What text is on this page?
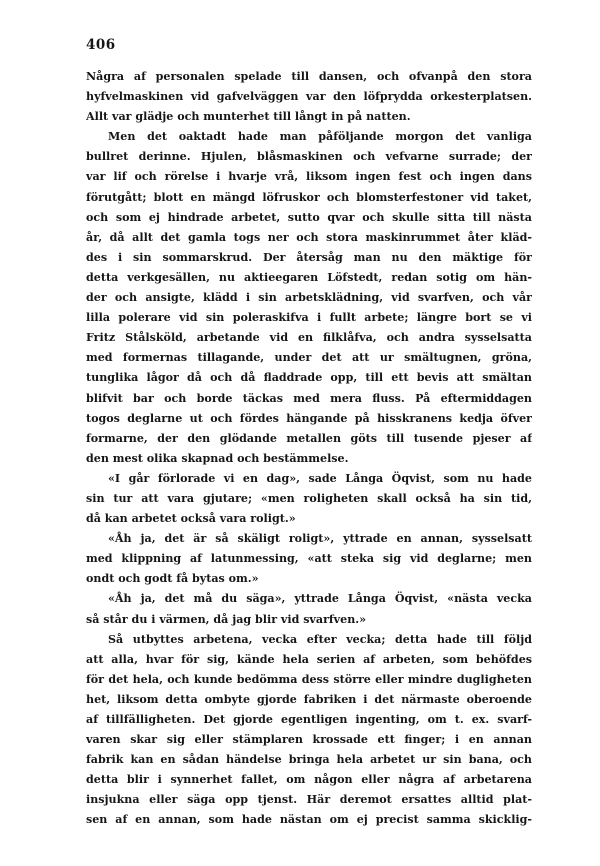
406
Några af personalen spelade till dansen, och ofvanpå den stora
hyfvelmaskinen vid gafvelväggen var den löfprydda orkesterplatsen.
Allt var glädje och munterhet till långt in på natten.
Men det oaktadt hade man påföljande morgon det vanliga
bullret derinne. Hjulen, blåsmaskinen och vefvarne surrade; der
var lif och rörelse i hvarje vrå, liksom ingen fest och ingen dans
förutgått; blott en mängd löfruskor och blomsterfestoner vid taket,
och som ej hindrade arbetet, sutto qvar och skulle sitta till nästa
år, då allt det gamla togs ner och stora maskinrummet åter kläd-
des i sin sommarskrud. Der återsåg man nu den mäktige för
detta verkgesällen, nu aktieegaren Löfstedt, redan sotig om hän-
der och ansigte, klädd i sin arbetsklädning, vid svarfven, och vår
lilla polerare vid sin poleraskifva i fullt arbete; längre bort se vi
Fritz Stålsköld, arbetande vid en filklåfva, och andra sysselsatta
med formernas tillagande, under det att ur smältugnen, gröna,
tunglika lågor då och då fladdrade opp, till ett bevis att smältan
blifvit bar och borde täckas med mera fluss. På eftermiddagen
togos deglarne ut och fördes hängande på hisskranens kedja öfver
formarne, der den glödande metallen göts till tusende pjeser af
den mest olika skapnad och bestämmelse.
«I går förlorade vi en dag», sade Långa Öqvist, som nu hade
sin tur att vara gjutare; «men roligheten skall också ha sin tid,
då kan arbetet också vara roligt.»
«Åh ja, det är så skäligt roligt», yttrade en annan, sysselsatt
med klippning af latunmessing, «att steka sig vid deglarne; men
ondt och godt få bytas om.»
«Åh ja, det må du säga», yttrade Långa Öqvist, «nästa vecka
så står du i värmen, då jag blir vid svarfven.»
Så utbyttes arbetena, vecka efter vecka; detta hade till följd
att alla, hvar för sig, kände hela serien af arbeten, som behöfdes
för det hela, och kunde bedömma dess större eller mindre dugligheten
het, liksom detta ombyte gjorde fabriken i det närmaste oberoende
af tillfälligheten. Det gjorde egentligen ingenting, om t. ex. svarf-
varen skar sig eller stämplaren krossade ett finger; i en annan
fabrik kan en sådan händelse bringa hela arbetet ur sin bana, och
detta blir i synnerhet fallet, om någon eller några af arbetarena
insjukna eller säga opp tjenst. Här deremot ersattes alltid plat-
sen af en annan, som hade nästan om ej precist samma skicklig-
